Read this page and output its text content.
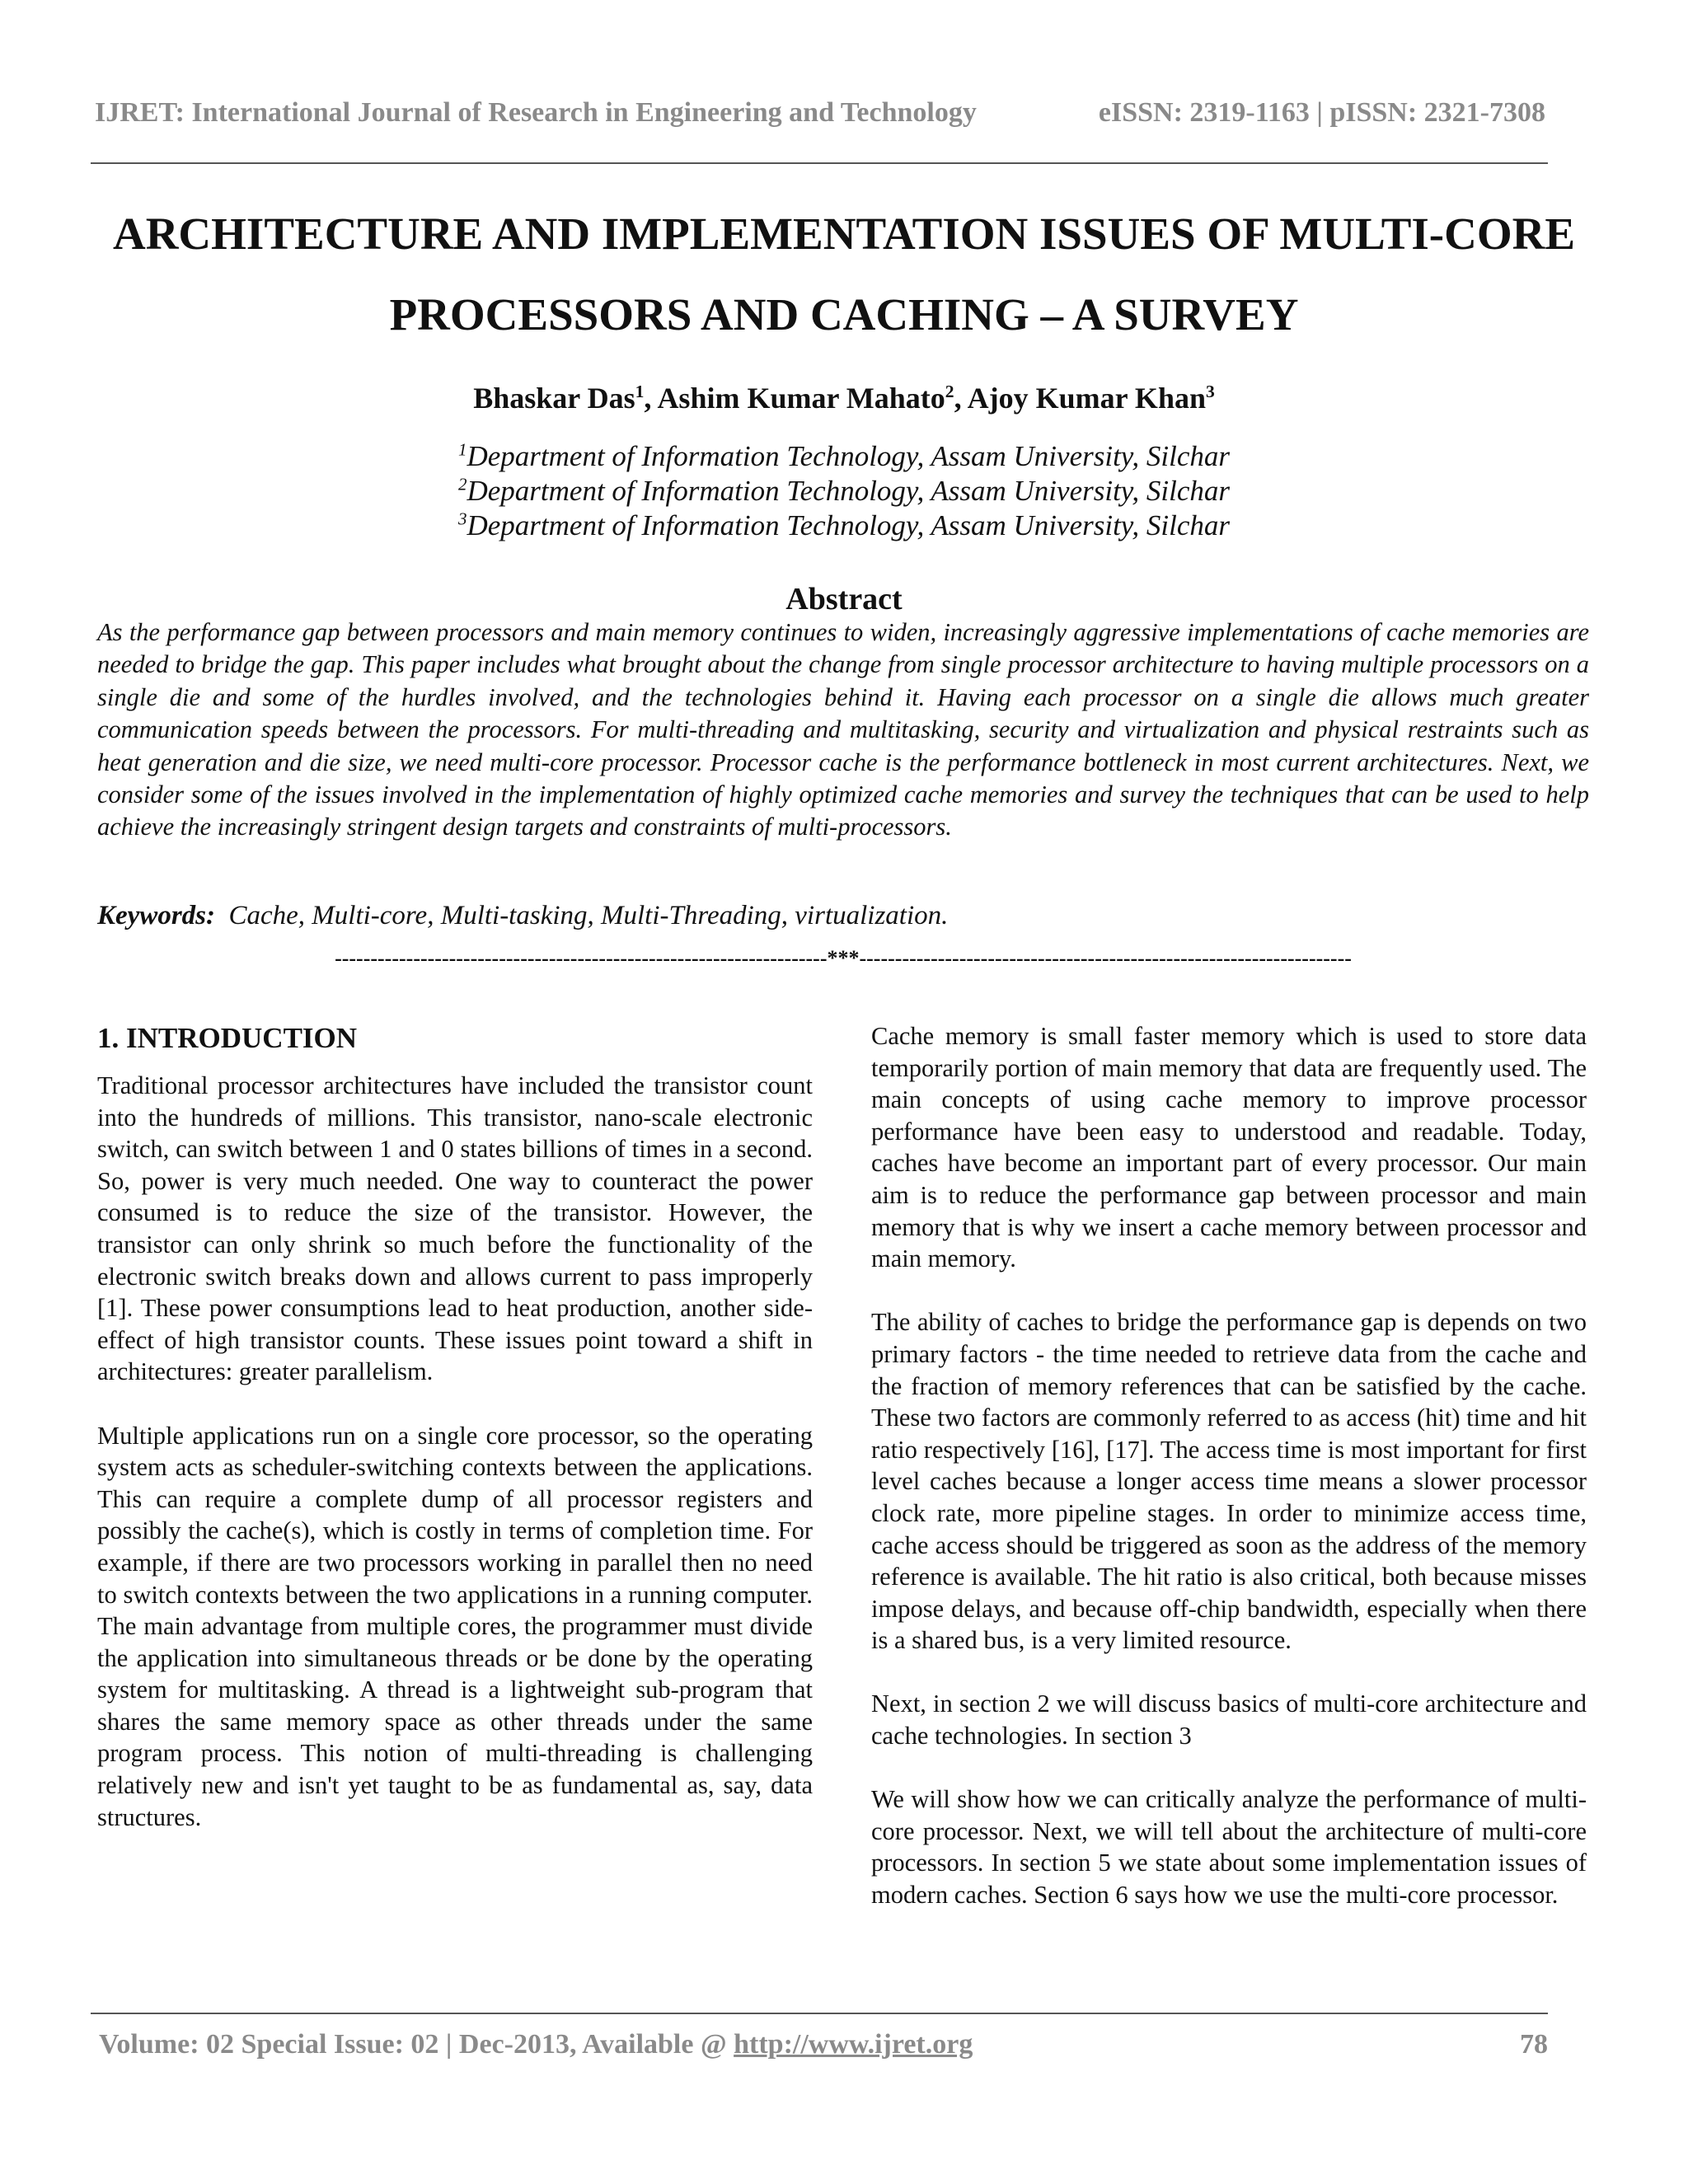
IJRET: International Journal of Research in Engineering and Technology	eISSN: 2319-1163 | pISSN: 2321-7308
ARCHITECTURE AND IMPLEMENTATION ISSUES OF MULTI-CORE
PROCESSORS AND CACHING – A SURVEY
Bhaskar Das$^1$, Ashim Kumar Mahato$^2$, Ajoy Kumar Khan$^3$
$^1$Department of Information Technology, Assam University, Silchar
$^2$Department of Information Technology, Assam University, Silchar
$^3$Department of Information Technology, Assam University, Silchar
Abstract
As the performance gap between processors and main memory continues to widen, increasingly aggressive implementations of cache memories are needed to bridge the gap. This paper includes what brought about the change from single processor architecture to having multiple processors on a single die and some of the hurdles involved, and the technologies behind it. Having each processor on a single die allows much greater communication speeds between the processors. For multi-threading and multitasking, security and virtualization and physical restraints such as heat generation and die size, we need multi-core processor. Processor cache is the performance bottleneck in most current architectures. Next, we consider some of the issues involved in the implementation of highly optimized cache memories and survey the techniques that can be used to help achieve the increasingly stringent design targets and constraints of multi-processors.
Keywords: Cache, Multi-core, Multi-tasking, Multi-Threading, virtualization.
---------------------------------------------------------------------***---------------------------------------------------------------------
1. INTRODUCTION

Traditional processor architectures have included the transistor count into the hundreds of millions. This transistor, nano-scale electronic switch, can switch between 1 and 0 states billions of times in a second. So, power is very much needed. One way to counteract the power consumed is to reduce the size of the transistor. However, the transistor can only shrink so much before the functionality of the electronic switch breaks down and allows current to pass improperly [1]. These power consumptions lead to heat production, another side-effect of high transistor counts. These issues point toward a shift in architectures: greater parallelism.

Multiple applications run on a single core processor, so the operating system acts as scheduler-switching contexts between the applications. This can require a complete dump of all processor registers and possibly the cache(s), which is costly in terms of completion time. For example, if there are two processors working in parallel then no need to switch contexts between the two applications in a running computer. The main advantage from multiple cores, the programmer must divide the application into simultaneous threads or be done by the operating system for multitasking. A thread is a lightweight sub-program that shares the same memory space as other threads under the same program process. This notion of multi-threading is challenging relatively new and isn't yet taught to be as fundamental as, say, data structures.

Cache memory is small faster memory which is used to store data temporarily portion of main memory that data are frequently used. The main concepts of using cache memory to improve processor performance have been easy to understood and readable. Today, caches have become an important part of every processor. Our main aim is to reduce the performance gap between processor and main memory that is why we insert a cache memory between processor and main memory.

The ability of caches to bridge the performance gap is depends on two primary factors - the time needed to retrieve data from the cache and the fraction of memory references that can be satisfied by the cache. These two factors are commonly referred to as access (hit) time and hit ratio respectively [16], [17]. The access time is most important for first level caches because a longer access time means a slower processor clock rate, more pipeline stages. In order to minimize access time, cache access should be triggered as soon as the address of the memory reference is available. The hit ratio is also critical, both because misses impose delays, and because off-chip bandwidth, especially when there is a shared bus, is a very limited resource.

Next, in section 2 we will discuss basics of multi-core architecture and cache technologies. In section 3

We will show how we can critically analyze the performance of multi-core processor. Next, we will tell about the architecture of multi-core processors. In section 5 we state about some implementation issues of modern caches. Section 6 says how we use the multi-core processor.

Volume: 02 Special Issue: 02 | Dec-2013, Available @ http://www.ijret.org	78
